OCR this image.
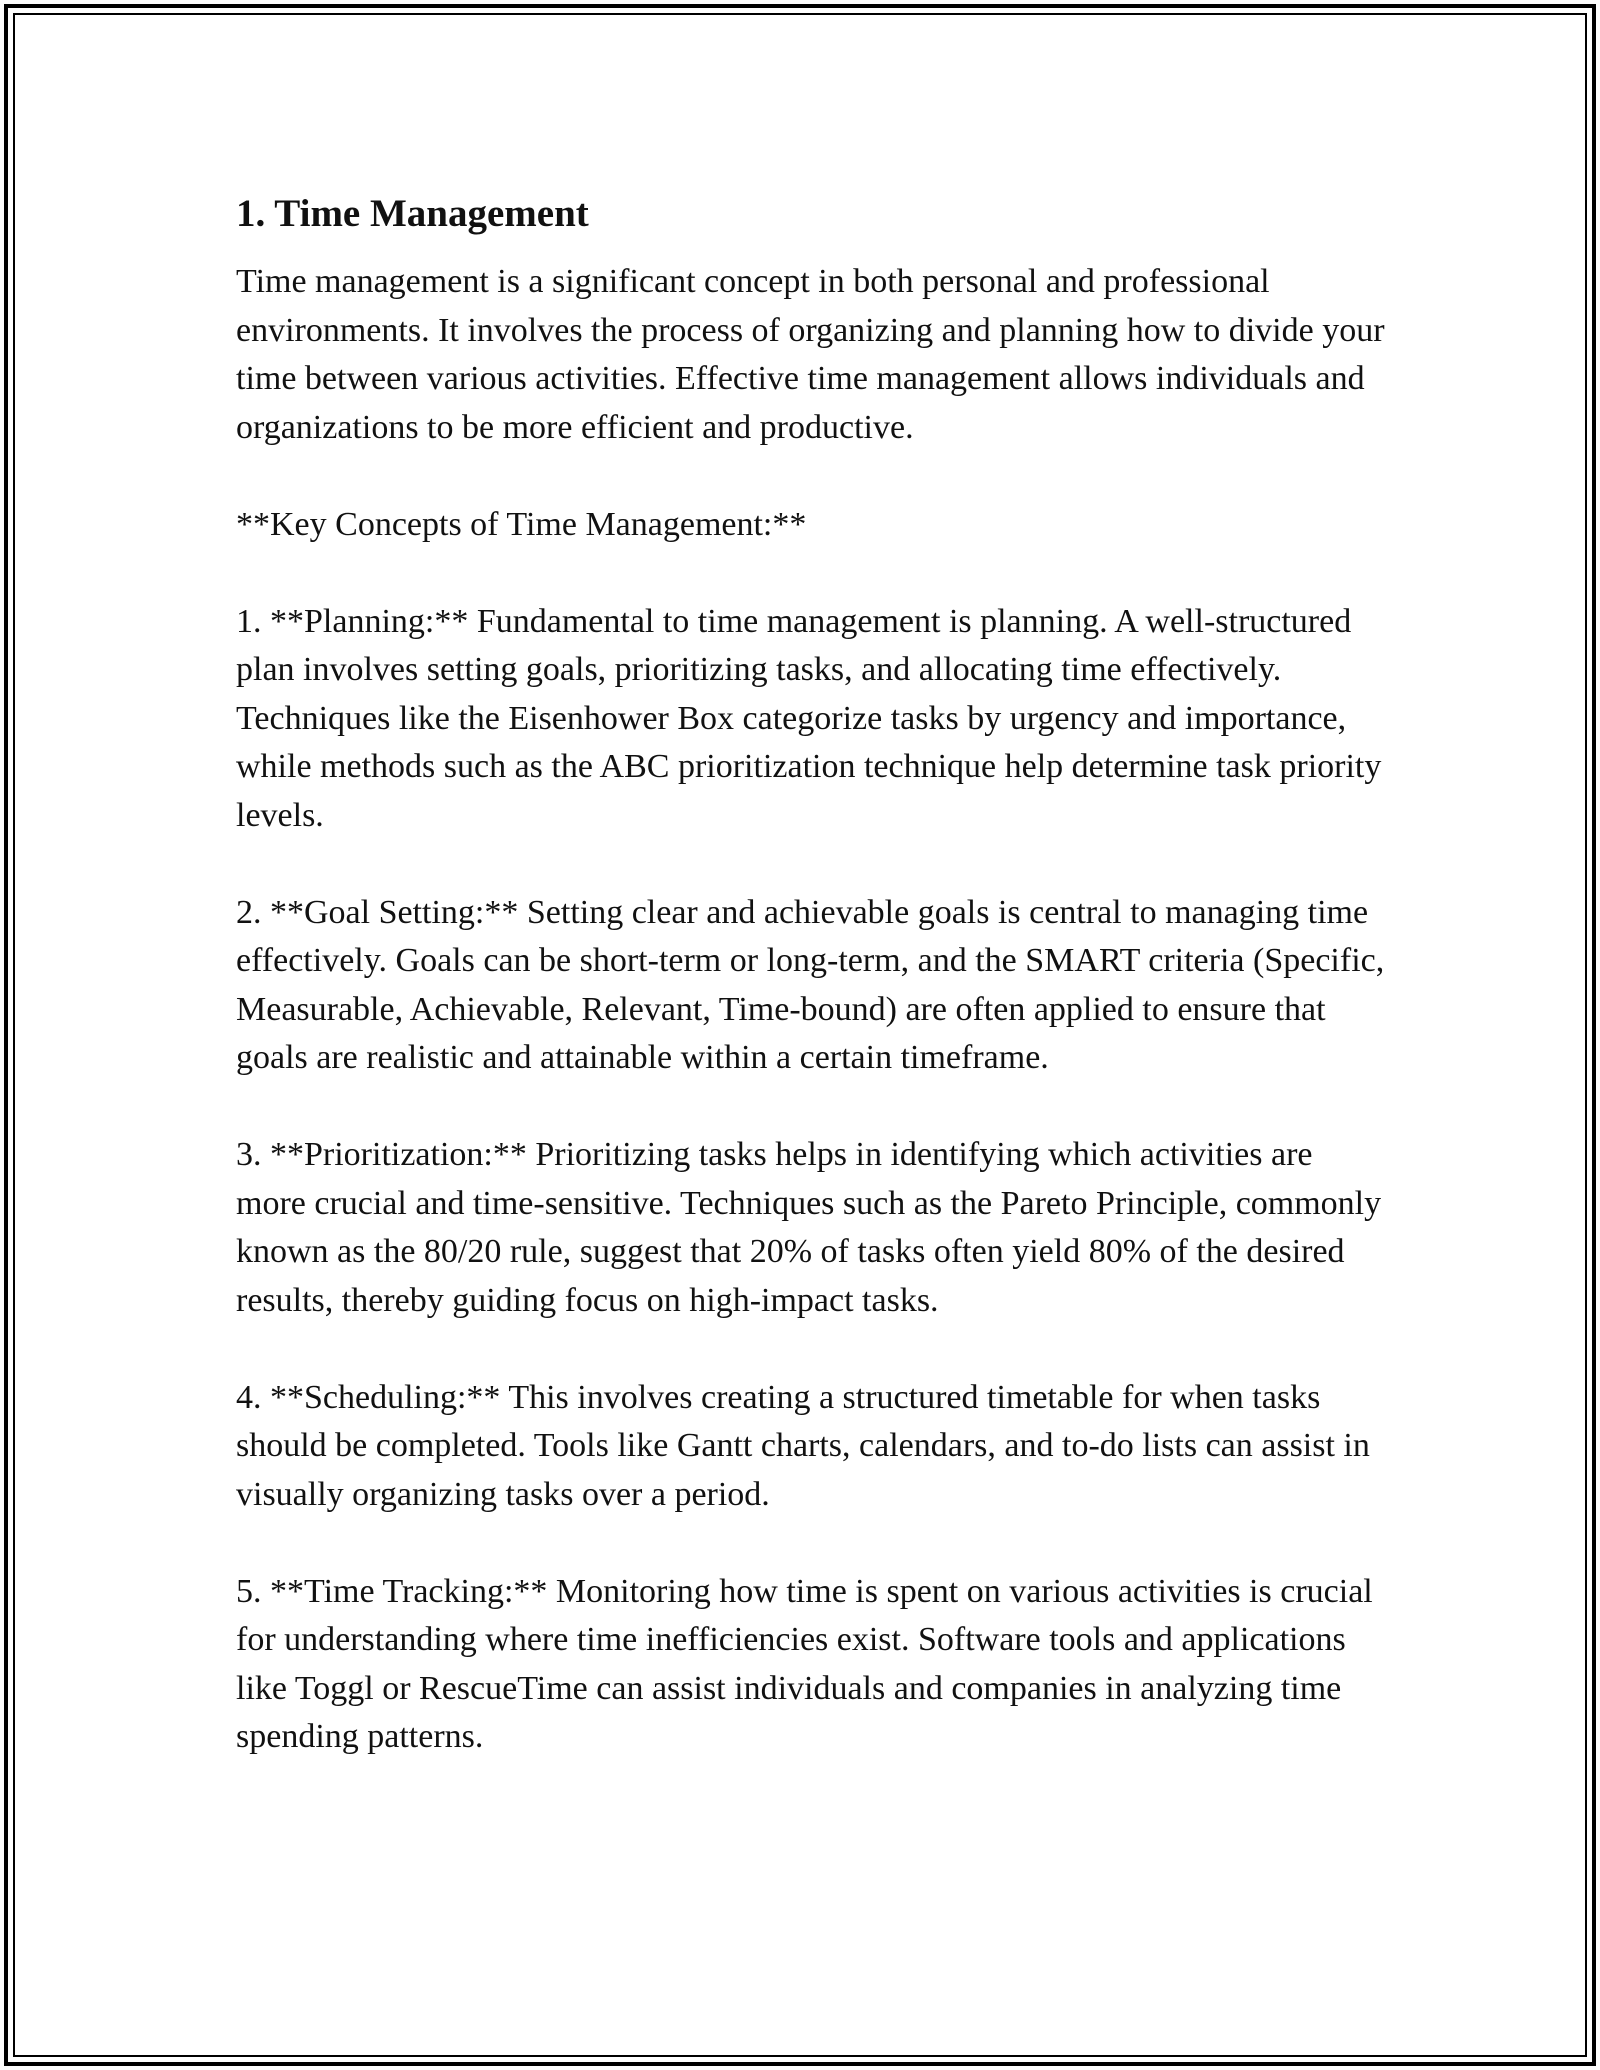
1. Time Management

Time management is a significant concept in both personal and professional environments. It involves the process of organizing and planning how to divide your time between various activities. Effective time management allows individuals and organizations to be more efficient and productive.

**Key Concepts of Time Management:**

1. **Planning:** Fundamental to time management is planning. A well-structured plan involves setting goals, prioritizing tasks, and allocating time effectively. Techniques like the Eisenhower Box categorize tasks by urgency and importance, while methods such as the ABC prioritization technique help determine task priority levels.

2. **Goal Setting:** Setting clear and achievable goals is central to managing time effectively. Goals can be short-term or long-term, and the SMART criteria (Specific, Measurable, Achievable, Relevant, Time-bound) are often applied to ensure that goals are realistic and attainable within a certain timeframe.

3. **Prioritization:** Prioritizing tasks helps in identifying which activities are more crucial and time-sensitive. Techniques such as the Pareto Principle, commonly known as the 80/20 rule, suggest that 20% of tasks often yield 80% of the desired results, thereby guiding focus on high-impact tasks.

4. **Scheduling:** This involves creating a structured timetable for when tasks should be completed. Tools like Gantt charts, calendars, and to-do lists can assist in visually organizing tasks over a period.

5. **Time Tracking:** Monitoring how time is spent on various activities is crucial for understanding where time inefficiencies exist. Software tools and applications like Toggl or RescueTime can assist individuals and companies in analyzing time spending patterns.
